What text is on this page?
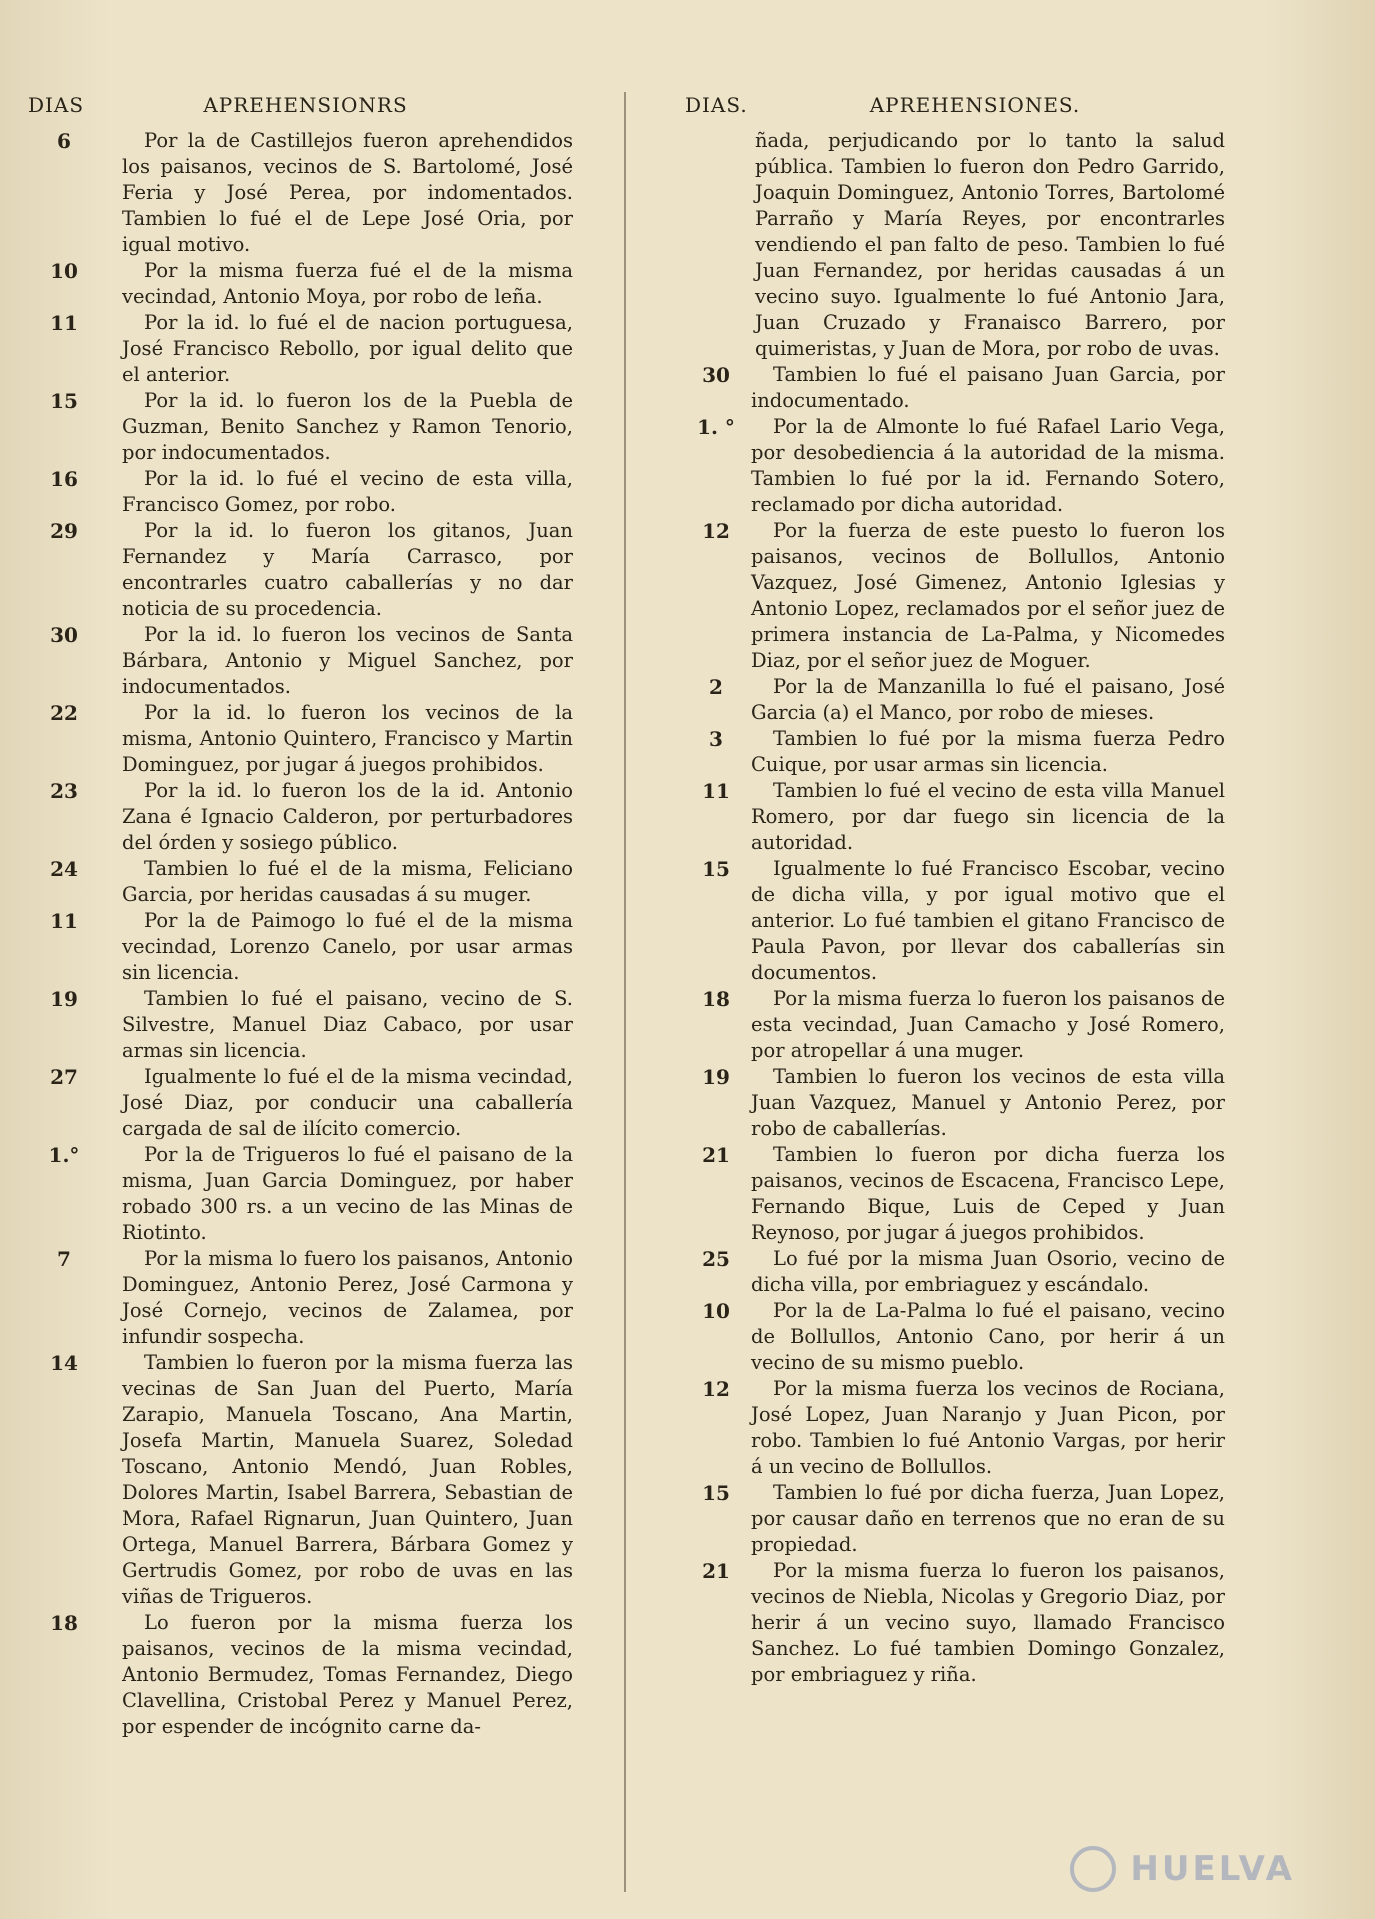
DIAS	APREHENSIONRS
6	Por la de Castillejos fueron aprehendidos los paisanos, vecinos de S. Bartolomé, José Feria y José Perea, por indomentados. Tambien lo fué el de Lepe José Oria, por igual motivo.
10	Por la misma fuerza fué el de la misma vecindad, Antonio Moya, por robo de leña.
11	Por la id. lo fué el de nacion portuguesa, José Francisco Rebollo, por igual delito que el anterior.
15	Por la id. lo fueron los de la Puebla de Guzman, Benito Sanchez y Ramon Tenorio, por indocumentados.
16	Por la id. lo fué el vecino de esta villa, Francisco Gomez, por robo.
29	Por la id. lo fueron los gitanos, Juan Fernandez y María Carrasco, por encontrarles cuatro caballerías y no dar noticia de su procedencia.
30	Por la id. lo fueron los vecinos de Santa Bárbara, Antonio y Miguel Sanchez, por indocumentados.
22	Por la id. lo fueron los vecinos de la misma, Antonio Quintero, Francisco y Martin Dominguez, por jugar á juegos prohibidos.
23	Por la id. lo fueron los de la id. Antonio Zana é Ignacio Calderon, por perturbadores del órden y sosiego público.
24	Tambien lo fué el de la misma, Feliciano Garcia, por heridas causadas á su muger.
11	Por la de Paimogo lo fué el de la misma vecindad, Lorenzo Canelo, por usar armas sin licencia.
19	Tambien lo fué el paisano, vecino de S. Silvestre, Manuel Diaz Cabaco, por usar armas sin licencia.
27	Igualmente lo fué el de la misma vecindad, José Diaz, por conducir una caballería cargada de sal de ilícito comercio.
1.°	Por la de Trigueros lo fué el paisano de la misma, Juan Garcia Dominguez, por haber robado 300 rs. a un vecino de las Minas de Riotinto.
7	Por la misma lo fuero los paisanos, Antonio Dominguez, Antonio Perez, José Carmona y José Cornejo, vecinos de Zalamea, por infundir sospecha.
14	Tambien lo fueron por la misma fuerza las vecinas de San Juan del Puerto, María Zarapio, Manuela Toscano, Ana Martin, Josefa Martin, Manuela Suarez, Soledad Toscano, Antonio Mendó, Juan Robles, Dolores Martin, Isabel Barrera, Sebastian de Mora, Rafael Rignarun, Juan Quintero, Juan Ortega, Manuel Barrera, Bárbara Gomez y Gertrudis Gomez, por robo de uvas en las viñas de Trigueros.
18	Lo fueron por la misma fuerza los paisanos, vecinos de la misma vecindad, Antonio Bermudez, Tomas Fernandez, Diego Clavellina, Cristobal Perez y Manuel Perez, por espender de incógnito carne da-
DIAS.	APREHENSIONES.
ñada, perjudicando por lo tanto la salud pública. Tambien lo fueron don Pedro Garrido, Joaquin Dominguez, Antonio Torres, Bartolomé Parraño y María Reyes, por encontrarles vendiendo el pan falto de peso. Tambien lo fué Juan Fernandez, por heridas causadas á un vecino suyo. Igualmente lo fué Antonio Jara, Juan Cruzado y Franaisco Barrero, por quimeristas, y Juan de Mora, por robo de uvas.
30	Tambien lo fué el paisano Juan Garcia, por indocumentado.
1. °	Por la de Almonte lo fué Rafael Lario Vega, por desobediencia á la autoridad de la misma. Tambien lo fué por la id. Fernando Sotero, reclamado por dicha autoridad.
12	Por la fuerza de este puesto lo fueron los paisanos, vecinos de Bollullos, Antonio Vazquez, José Gimenez, Antonio Iglesias y Antonio Lopez, reclamados por el señor juez de primera instancia de La-Palma, y Nicomedes Diaz, por el señor juez de Moguer.
2	Por la de Manzanilla lo fué el paisano, José Garcia (a) el Manco, por robo de mieses.
3	Tambien lo fué por la misma fuerza Pedro Cuique, por usar armas sin licencia.
11	Tambien lo fué el vecino de esta villa Manuel Romero, por dar fuego sin licencia de la autoridad.
15	Igualmente lo fué Francisco Escobar, vecino de dicha villa, y por igual motivo que el anterior. Lo fué tambien el gitano Francisco de Paula Pavon, por llevar dos caballerías sin documentos.
18	Por la misma fuerza lo fueron los paisanos de esta vecindad, Juan Camacho y José Romero, por atropellar á una muger.
19	Tambien lo fueron los vecinos de esta villa Juan Vazquez, Manuel y Antonio Perez, por robo de caballerías.
21	Tambien lo fueron por dicha fuerza los paisanos, vecinos de Escacena, Francisco Lepe, Fernando Bique, Luis de Ceped y Juan Reynoso, por jugar á juegos prohibidos.
25	Lo fué por la misma Juan Osorio, vecino de dicha villa, por embriaguez y escándalo.
10	Por la de La-Palma lo fué el paisano, vecino de Bollullos, Antonio Cano, por herir á un vecino de su mismo pueblo.
12	Por la misma fuerza los vecinos de Rociana, José Lopez, Juan Naranjo y Juan Picon, por robo. Tambien lo fué Antonio Vargas, por herir á un vecino de Bollullos.
15	Tambien lo fué por dicha fuerza, Juan Lopez, por causar daño en terrenos que no eran de su propiedad.
21	Por la misma fuerza lo fueron los paisanos, vecinos de Niebla, Nicolas y Gregorio Diaz, por herir á un vecino suyo, llamado Francisco Sanchez. Lo fué tambien Domingo Gonzalez, por embriaguez y riña.
HUELVA
